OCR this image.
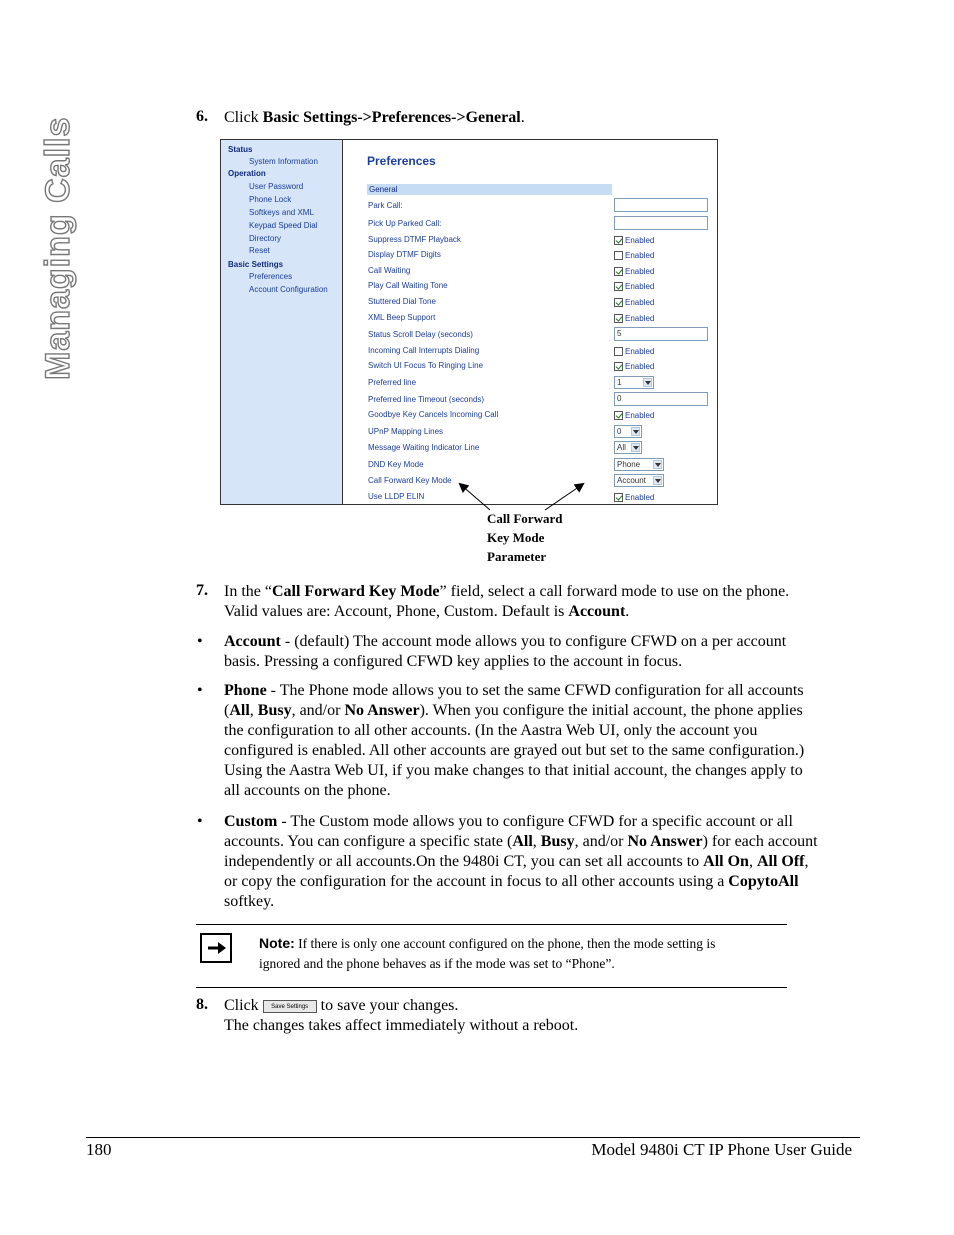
Managing Calls
6. Click Basic Settings->Preferences->General.
Status
System Information
Operation
User Password
Phone Lock
Softkeys and XML
Keypad Speed Dial
Directory
Reset
Basic Settings
Preferences
Account Configuration
Preferences
General
Park Call:
Pick Up Parked Call:
Suppress DTMF Playback	Enabled
Display DTMF Digits	Enabled
Call Waiting	Enabled
Play Call Waiting Tone	Enabled
Stuttered Dial Tone	Enabled
XML Beep Support	Enabled
Status Scroll Delay (seconds)	5
Incoming Call Interrupts Dialing	Enabled
Switch UI Focus To Ringing Line	Enabled
Preferred line	1
Preferred line Timeout (seconds)	0
Goodbye Key Cancels Incoming Call	Enabled
UPnP Mapping Lines	0
Message Waiting Indicator Line	All
DND Key Mode	Phone
Call Forward Key Mode	Account
Use LLDP ELIN	Enabled
Call Forward
Key Mode
Parameter
7. In the “Call Forward Key Mode” field, select a call forward mode to use on the phone.
Valid values are: Account, Phone, Custom. Default is Account.
• Account - (default) The account mode allows you to configure CFWD on a per account
basis. Pressing a configured CFWD key applies to the account in focus.
• Phone - The Phone mode allows you to set the same CFWD configuration for all accounts
(All, Busy, and/or No Answer). When you configure the initial account, the phone applies
the configuration to all other accounts. (In the Aastra Web UI, only the account you
configured is enabled. All other accounts are grayed out but set to the same configuration.)
Using the Aastra Web UI, if you make changes to that initial account, the changes apply to
all accounts on the phone.
• Custom - The Custom mode allows you to configure CFWD for a specific account or all
accounts. You can configure a specific state (All, Busy, and/or No Answer) for each account
independently or all accounts.On the 9480i CT, you can set all accounts to All On, All Off,
or copy the configuration for the account in focus to all other accounts using a CopytoAll
softkey.
Note: If there is only one account configured on the phone, then the mode setting is
ignored and the phone behaves as if the mode was set to “Phone”.
8. Click Save Settings to save your changes.
The changes takes affect immediately without a reboot.
180	Model 9480i CT IP Phone User Guide
